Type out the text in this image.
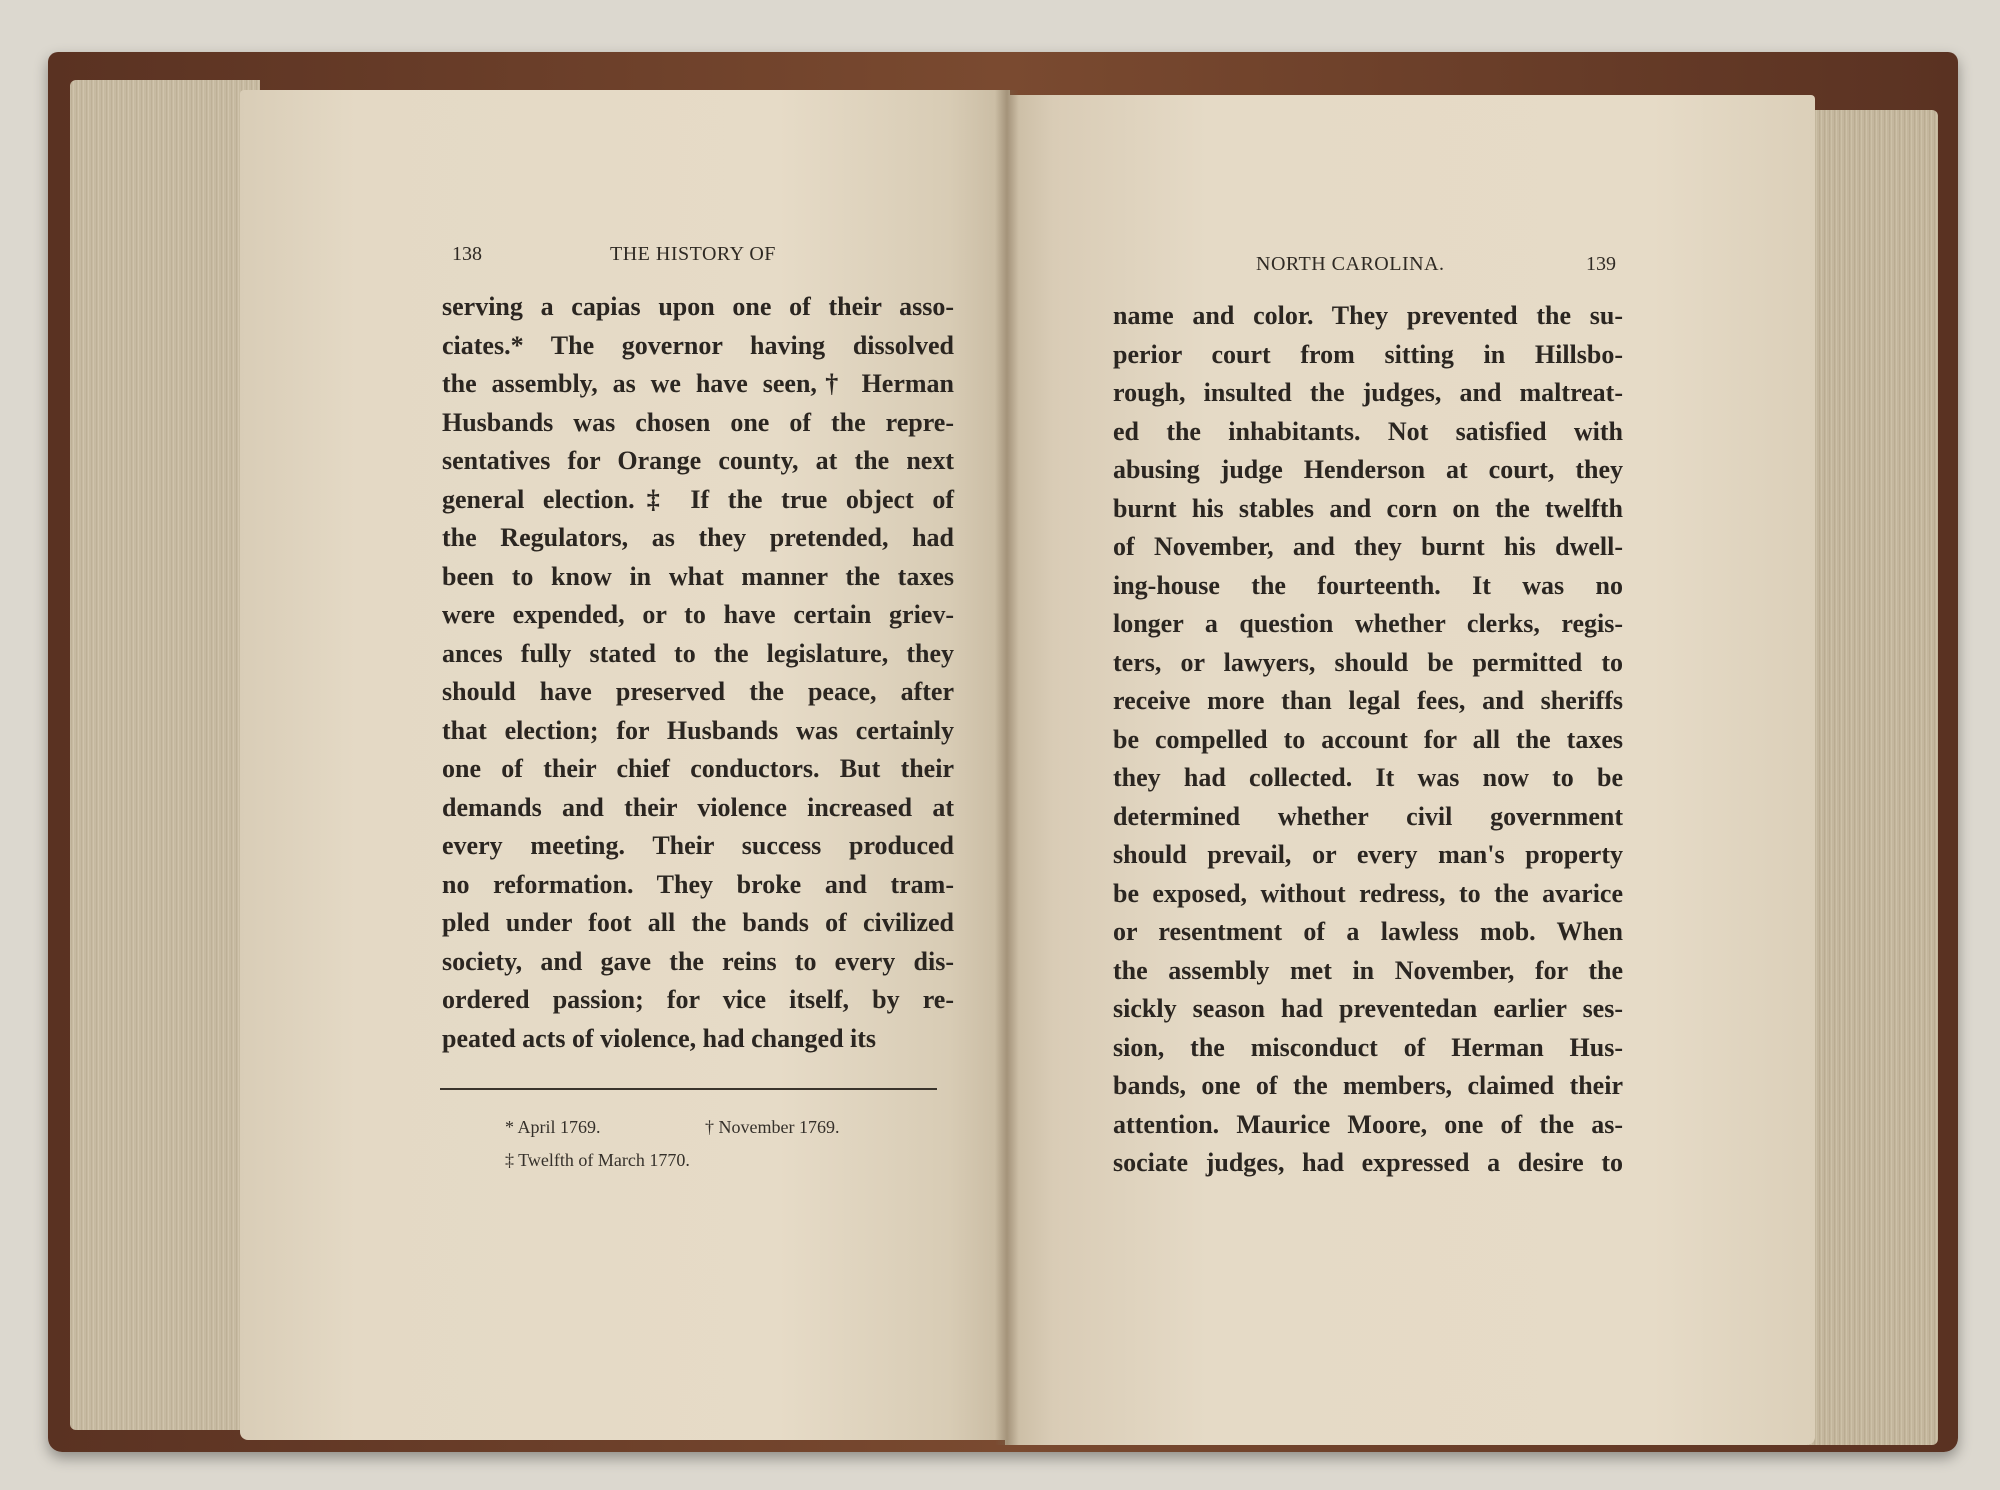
138	THE HISTORY OF
serving a capias upon one of their asso-
ciates.* The governor having dissolved
the assembly, as we have seen,† Herman
Husbands was chosen one of the repre-
sentatives for Orange county, at the next
general election.‡ If the true object of
the Regulators, as they pretended, had
been to know in what manner the taxes
were expended, or to have certain griev-
ances fully stated to the legislature, they
should have preserved the peace, after
that election; for Husbands was certainly
one of their chief conductors. But their
demands and their violence increased at
every meeting. Their success produced
no reformation. They broke and tram-
pled under foot all the bands of civilized
society, and gave the reins to every dis-
ordered passion; for vice itself, by re-
peated acts of violence, had changed its
* April 1769.	† November 1769.
‡ Twelfth of March 1770.
NORTH CAROLINA.	139
name and color. They prevented the su-
perior court from sitting in Hillsbo-
rough, insulted the judges, and maltreat-
ed the inhabitants. Not satisfied with
abusing judge Henderson at court, they
burnt his stables and corn on the twelfth
of November, and they burnt his dwell-
ing-house the fourteenth. It was no
longer a question whether clerks, regis-
ters, or lawyers, should be permitted to
receive more than legal fees, and sheriffs
be compelled to account for all the taxes
they had collected. It was now to be
determined whether civil government
should prevail, or every man's property
be exposed, without redress, to the avarice
or resentment of a lawless mob. When
the assembly met in November, for the
sickly season had preventedan earlier ses-
sion, the misconduct of Herman Hus-
bands, one of the members, claimed their
attention. Maurice Moore, one of the as-
sociate judges, had expressed a desire to
